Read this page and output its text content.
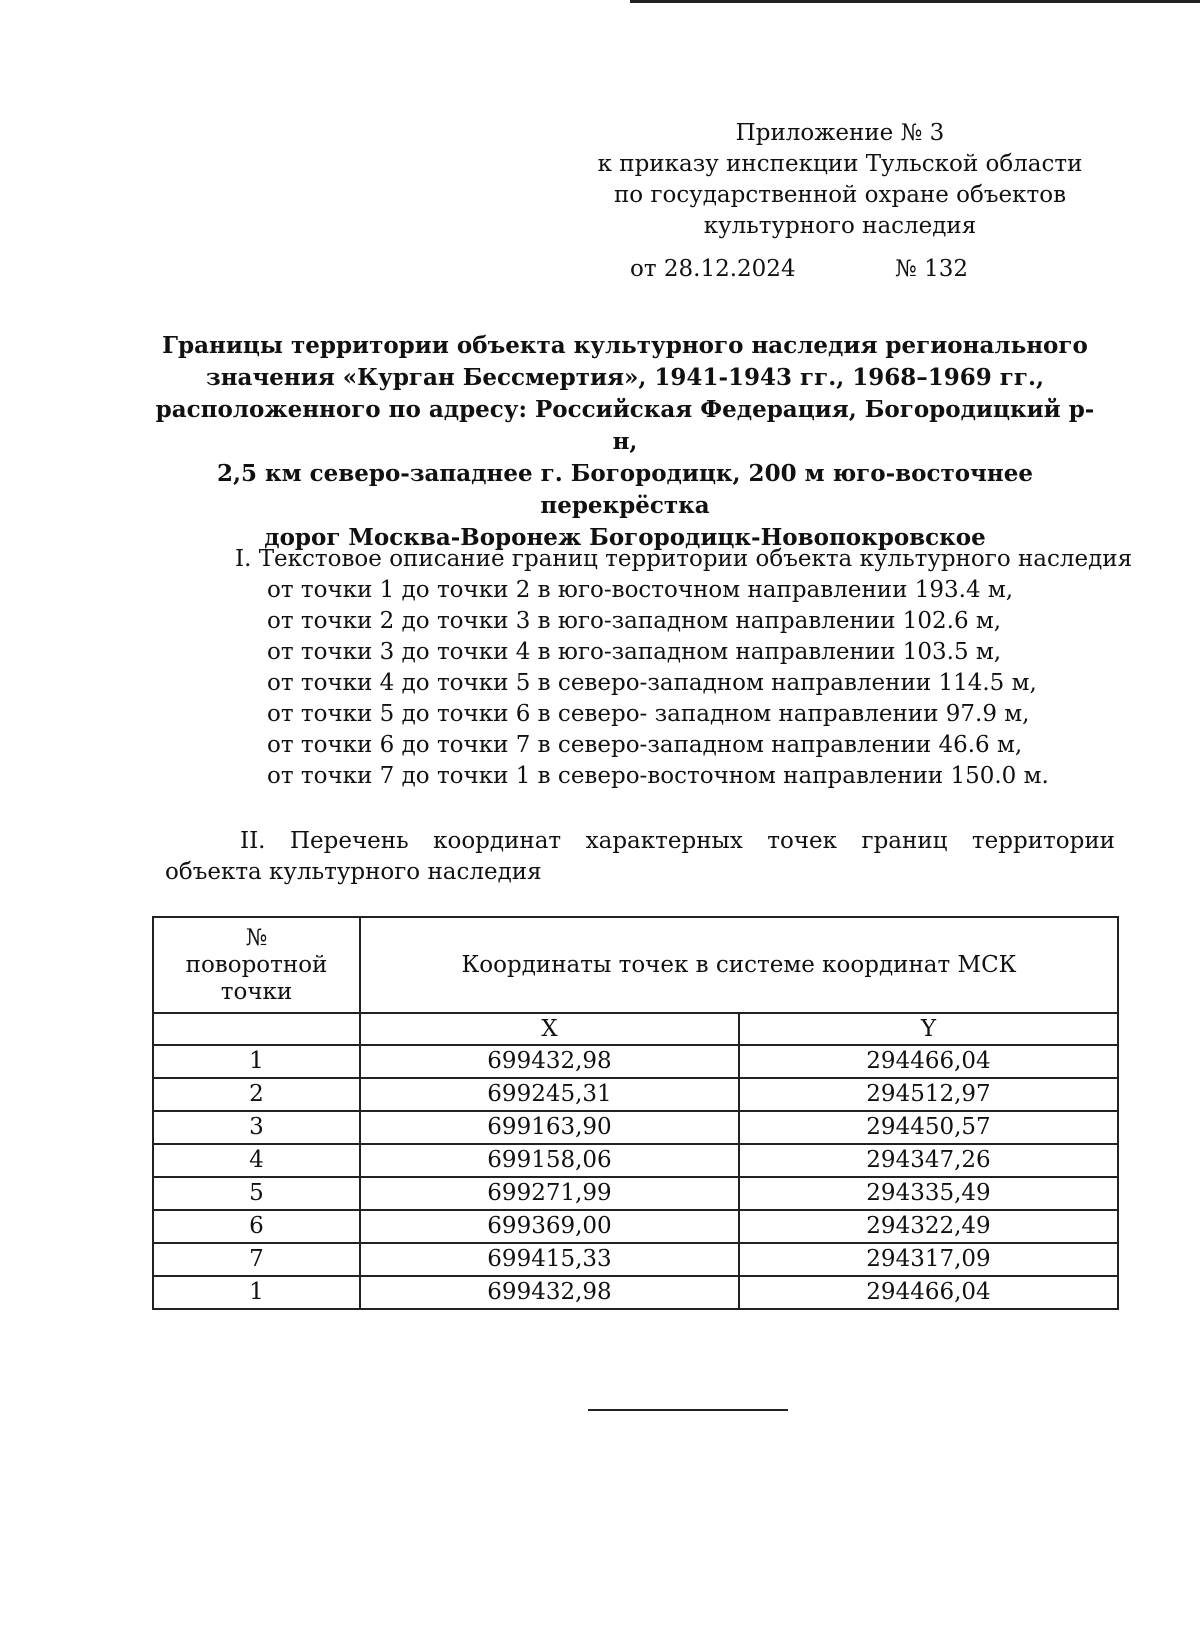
Приложение № 3
к приказу инспекции Тульской области
по государственной охране объектов
культурного наследия
от 28.12.2024	№ 132
Границы территории объекта культурного наследия регионального
значения «Курган Бессмертия», 1941-1943 гг., 1968–1969 гг.,
расположенного по адресу: Российская Федерация, Богородицкий р-н,
2,5 км северо-западнее г. Богородицк, 200 м юго-восточнее перекрёстка
дорог Москва-Воронеж Богородицк-Новопокровское
I. Текстовое описание границ территории объекта культурного наследия
от точки 1 до точки 2 в юго-восточном направлении 193.4 м,
от точки 2 до точки 3 в юго-западном направлении 102.6 м,
от точки 3 до точки 4 в юго-западном направлении 103.5 м,
от точки 4 до точки 5 в северо-западном направлении 114.5 м,
от точки 5 до точки 6 в северо- западном направлении 97.9 м,
от точки 6 до точки 7 в северо-западном направлении 46.6 м,
от точки 7 до точки 1 в северо-восточном направлении 150.0 м.
II. Перечень координат характерных точек границ территории объекта культурного наследия
№
поворотной
точки	Координаты точек в системе координат МСК	
	X	Y
1	699432,98	294466,04
2	699245,31	294512,97
3	699163,90	294450,57
4	699158,06	294347,26
5	699271,99	294335,49
6	699369,00	294322,49
7	699415,33	294317,09
1	699432,98	294466,04
